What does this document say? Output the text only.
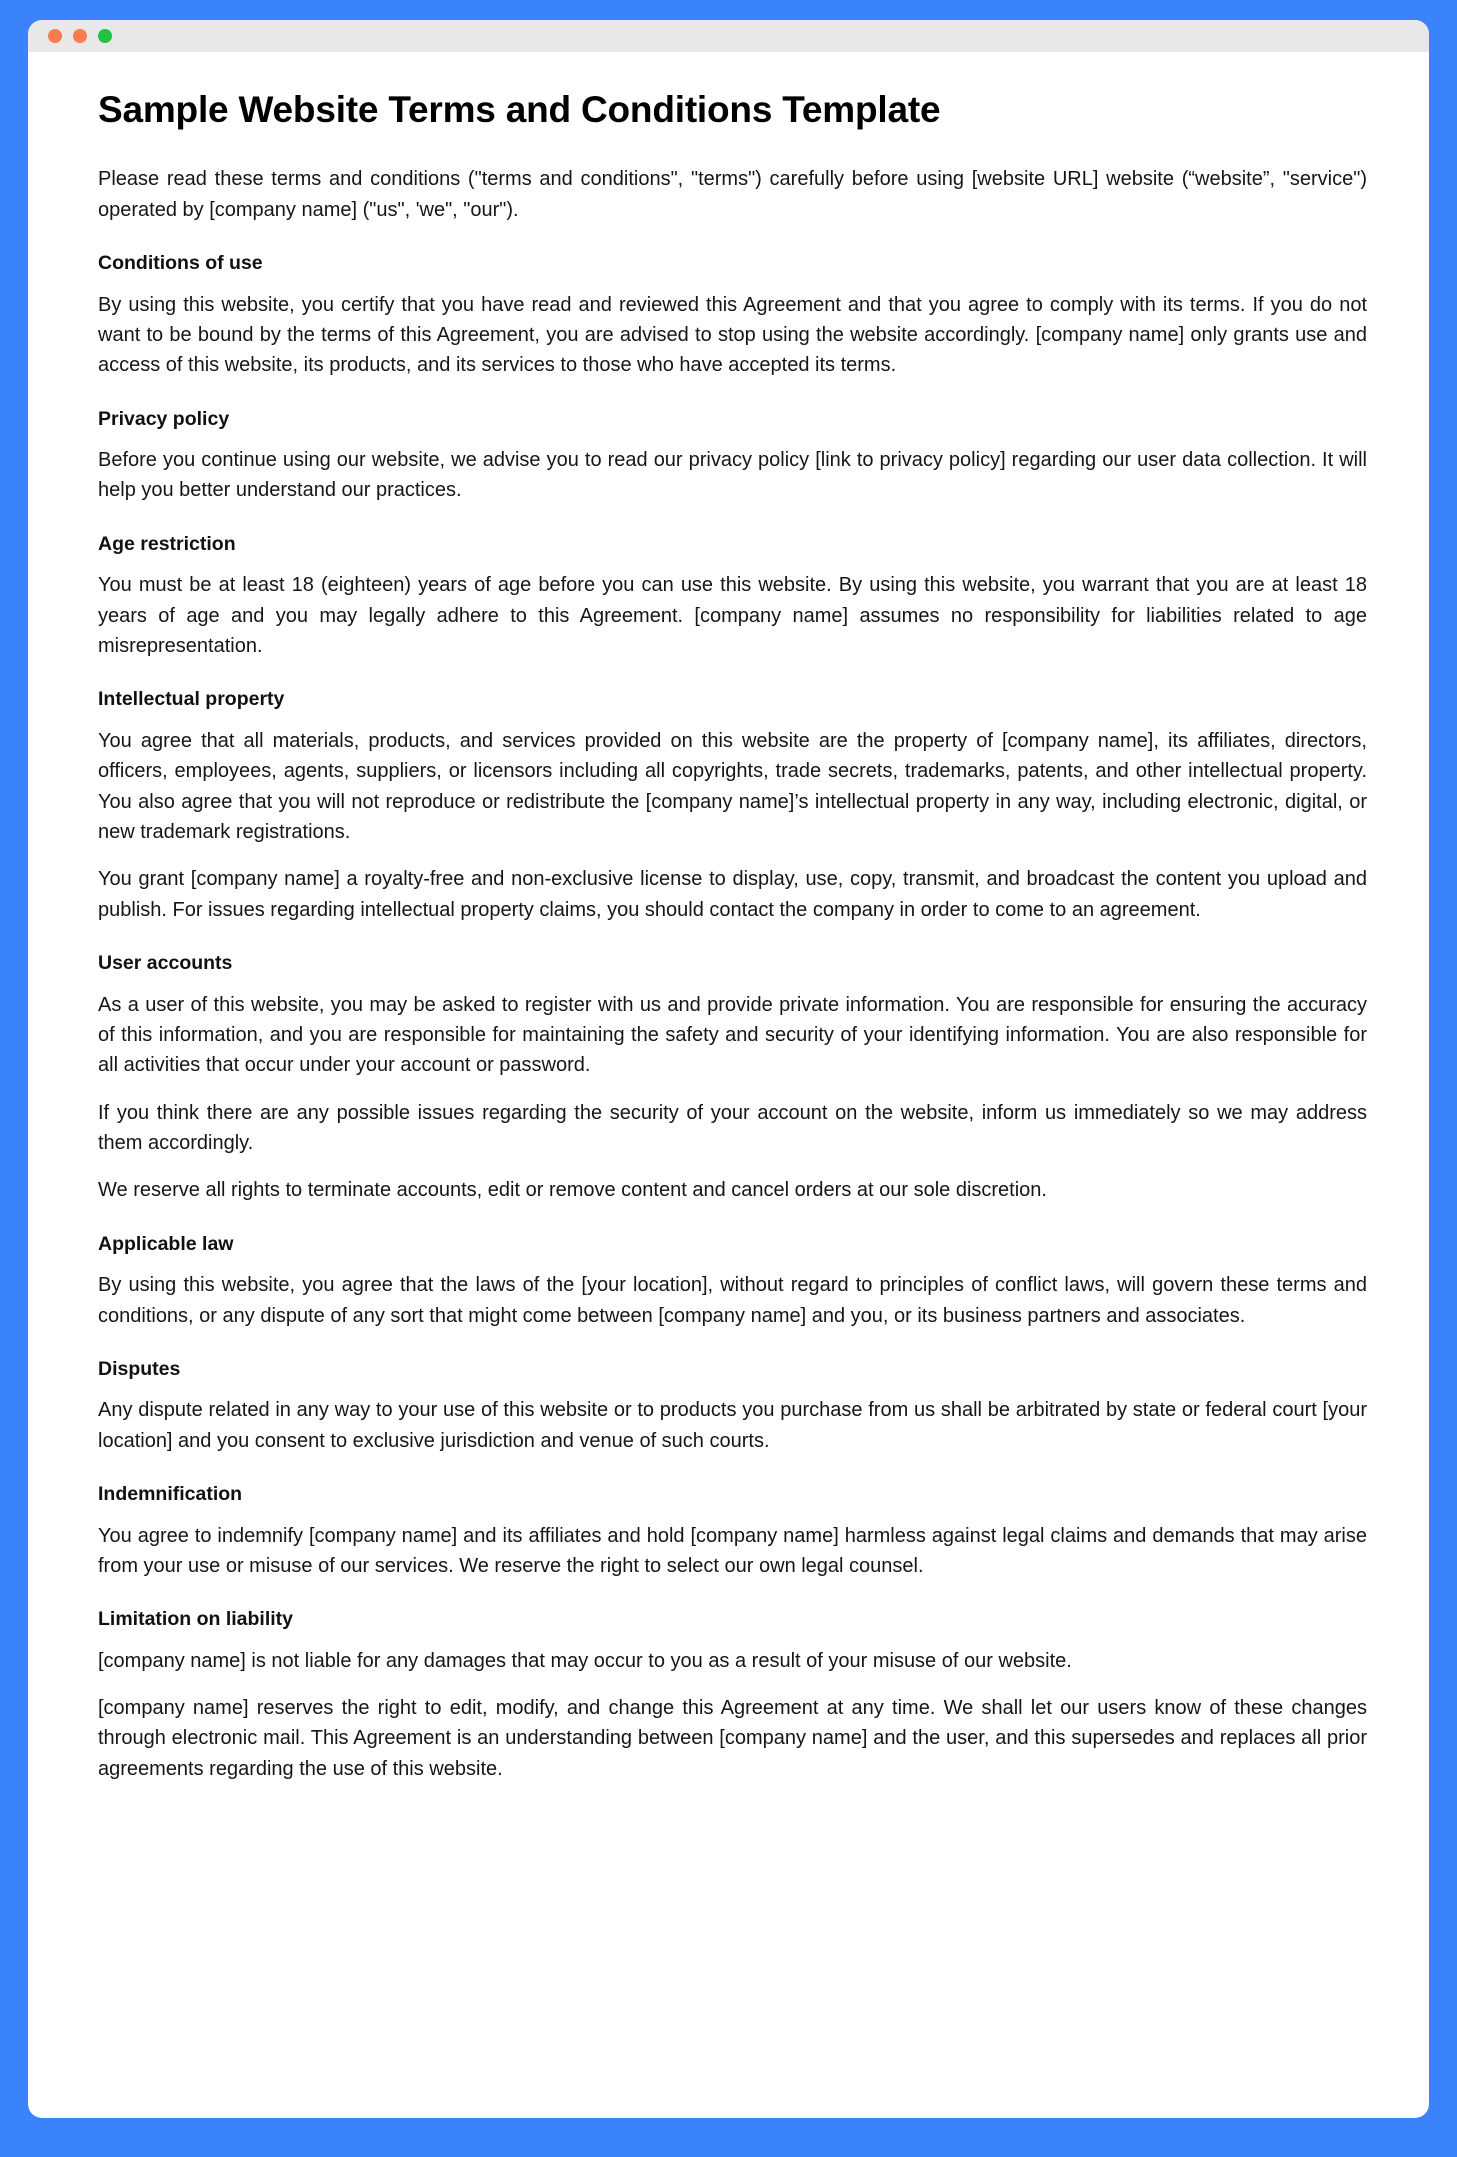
Sample Website Terms and Conditions Template

Please read these terms and conditions ("terms and conditions", "terms") carefully before using [website URL] website (“website”, "service") operated by [company name] ("us", 'we", "our").

Conditions of use

By using this website, you certify that you have read and reviewed this Agreement and that you agree to comply with its terms. If you do not want to be bound by the terms of this Agreement, you are advised to stop using the website accordingly. [company name] only grants use and access of this website, its products, and its services to those who have accepted its terms.

Privacy policy

Before you continue using our website, we advise you to read our privacy policy [link to privacy policy] regarding our user data collection. It will help you better understand our practices.

Age restriction

You must be at least 18 (eighteen) years of age before you can use this website. By using this website, you warrant that you are at least 18 years of age and you may legally adhere to this Agreement. [company name] assumes no responsibility for liabilities related to age misrepresentation.

Intellectual property

You agree that all materials, products, and services provided on this website are the property of [company name], its affiliates, directors, officers, employees, agents, suppliers, or licensors including all copyrights, trade secrets, trademarks, patents, and other intellectual property. You also agree that you will not reproduce or redistribute the [company name]’s intellectual property in any way, including electronic, digital, or new trademark registrations.

You grant [company name] a royalty-free and non-exclusive license to display, use, copy, transmit, and broadcast the content you upload and publish. For issues regarding intellectual property claims, you should contact the company in order to come to an agreement.

User accounts

As a user of this website, you may be asked to register with us and provide private information. You are responsible for ensuring the accuracy of this information, and you are responsible for maintaining the safety and security of your identifying information. You are also responsible for all activities that occur under your account or password.

If you think there are any possible issues regarding the security of your account on the website, inform us immediately so we may address them accordingly.

We reserve all rights to terminate accounts, edit or remove content and cancel orders at our sole discretion.

Applicable law

By using this website, you agree that the laws of the [your location], without regard to principles of conflict laws, will govern these terms and conditions, or any dispute of any sort that might come between [company name] and you, or its business partners and associates.

Disputes

Any dispute related in any way to your use of this website or to products you purchase from us shall be arbitrated by state or federal court [your location] and you consent to exclusive jurisdiction and venue of such courts.

Indemnification

You agree to indemnify [company name] and its affiliates and hold [company name] harmless against legal claims and demands that may arise from your use or misuse of our services. We reserve the right to select our own legal counsel.

Limitation on liability

[company name] is not liable for any damages that may occur to you as a result of your misuse of our website.

[company name] reserves the right to edit, modify, and change this Agreement at any time. We shall let our users know of these changes through electronic mail. This Agreement is an understanding between [company name] and the user, and this supersedes and replaces all prior agreements regarding the use of this website.
